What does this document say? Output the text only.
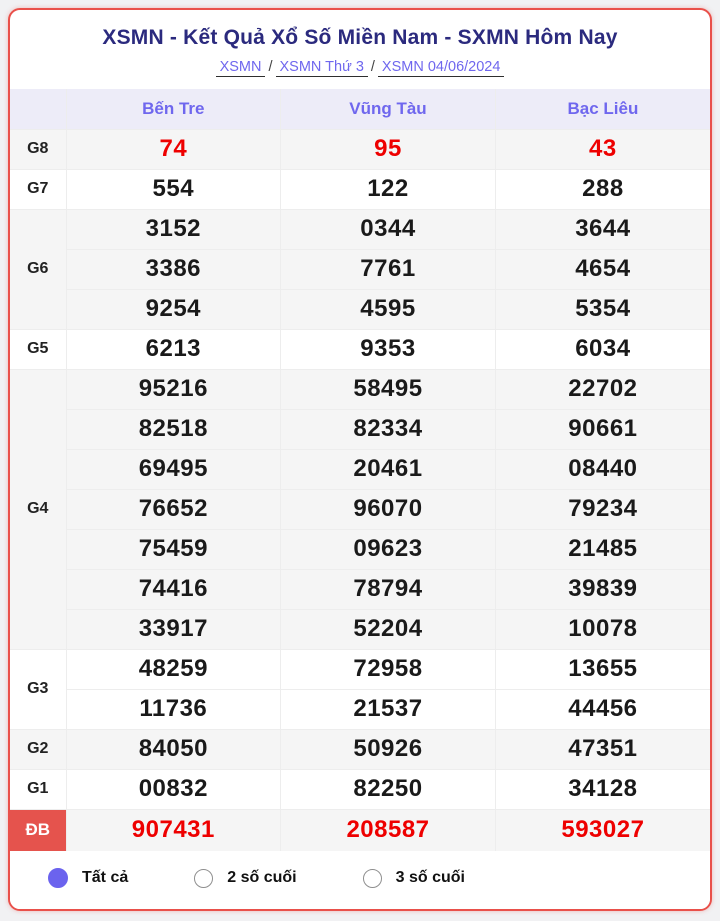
XSMN - Kết Quả Xổ Số Miền Nam - SXMN Hôm Nay
XSMN / XSMN Thứ 3 / XSMN 04/06/2024
	Bến Tre	Vũng Tàu	Bạc Liêu
G8	74	95	43
G7	554	122	288
G6	3152	0344	3644
	3386	7761	4654
	9254	4595	5354
G5	6213	9353	6034
G4	95216	58495	22702
	82518	82334	90661
	69495	20461	08440
	76652	96070	79234
	75459	09623	21485
	74416	78794	39839
	33917	52204	10078
G3	48259	72958	13655
	11736	21537	44456
G2	84050	50926	47351
G1	00832	82250	34128
ĐB	907431	208587	593027
Tất cả	2 số cuối	3 số cuối
